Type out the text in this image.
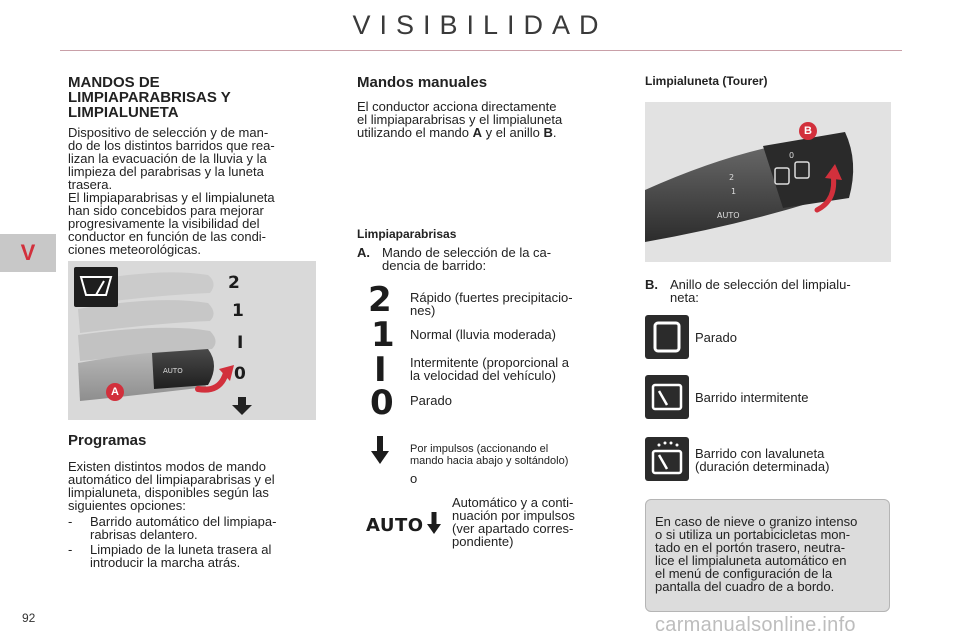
VISIBILIDAD
V
MANDOS DE
LIMPIAPARABRISAS Y
LIMPIALUNETA
Dispositivo de selección y de man-
do de los distintos barridos que rea-
lizan la evacuación de la lluvia y la
limpieza del parabrisas y la luneta
trasera.
El limpiaparabrisas y el limpialuneta
han sido concebidos para mejorar
progresivamente la visibilidad del
conductor en función de las condi-
ciones meteorológicas.
AUTO
2
1
I
0
A
Programas
Existen distintos modos de mando
automático del limpiaparabrisas y el
limpialuneta, disponibles según las
siguientes opciones:
- Barrido automático del limpiapa-
rabrisas delantero.
- Limpiado de la luneta trasera al
introducir la marcha atrás.
Mandos manuales
El conductor acciona directamente
el limpiaparabrisas y el limpialuneta
utilizando el mando A y el anillo B.
Limpiaparabrisas
A. Mando de selección de la ca-
dencia de barrido:
2 Rápido (fuertes precipitacio-
nes)
1 Normal (lluvia moderada)
I Intermitente (proporcional a
la velocidad del vehículo)
0 Parado
Por impulsos (accionando el
mando hacia abajo y soltándolo)
o
AUTO
Automático y a conti-
nuación por impulsos
(ver apartado corres-
pondiente)
Limpialuneta (Tourer)
AUTO
2
1
0
B
B. Anillo de selección del limpialu-
neta:
Parado
Barrido intermitente
Barrido con lavaluneta
(duración determinada)
En caso de nieve o granizo intenso
o si utiliza un portabicicletas mon-
tado en el portón trasero, neutra-
lice el limpialuneta automático en
el menú de configuración de la
pantalla del cuadro de a bordo.
92	carmanualsonline.info
